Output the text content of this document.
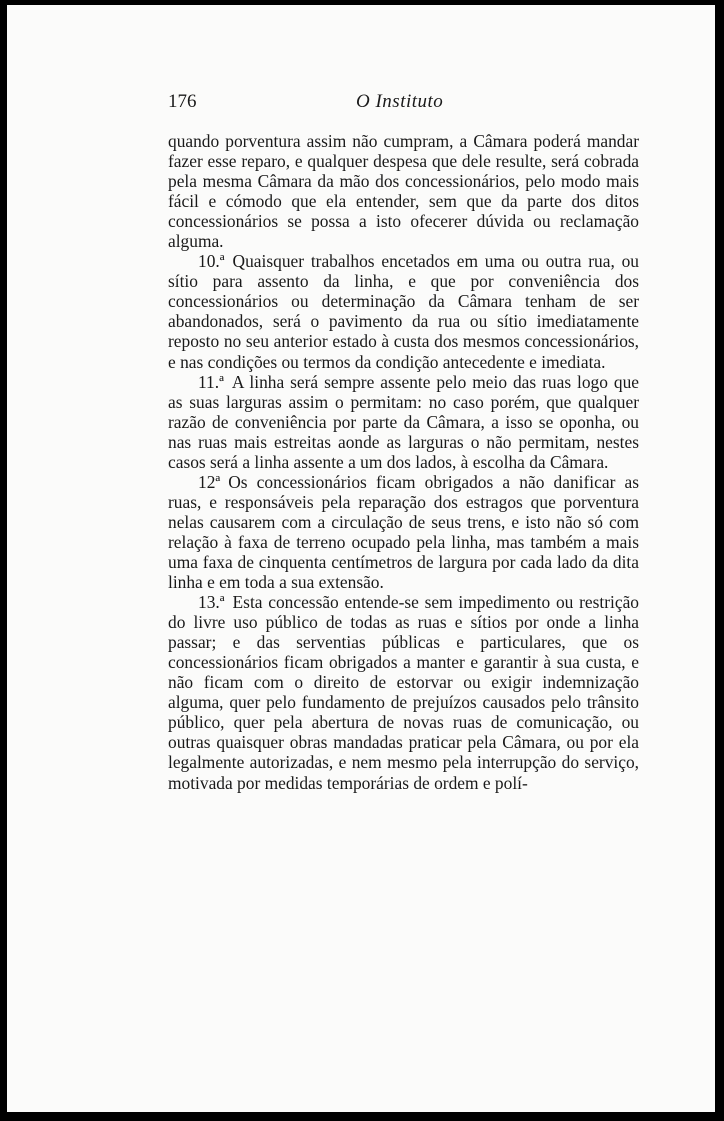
176	O Instituto

quando porventura assim não cumpram, a Câmara poderá mandar fazer esse reparo, e qualquer despesa que dele resulte, será cobrada pela mesma Câmara da mão dos concessionários, pelo modo mais fácil e cómodo que ela entender, sem que da parte dos ditos concessionários se possa a isto ofecerer dúvida ou reclamação alguma.

10.ª Quaisquer trabalhos encetados em uma ou outra rua, ou sítio para assento da linha, e que por conveniência dos concessionários ou determinação da Câmara tenham de ser abandonados, será o pavimento da rua ou sítio imediatamente reposto no seu anterior estado à custa dos mesmos concessionários, e nas condições ou termos da condição antecedente e imediata.

11.ª A linha será sempre assente pelo meio das ruas logo que as suas larguras assim o permitam: no caso porém, que qualquer razão de conveniência por parte da Câmara, a isso se oponha, ou nas ruas mais estreitas aonde as larguras o não permitam, nestes casos será a linha assente a um dos lados, à escolha da Câmara.

12ª Os concessionários ficam obrigados a não danificar as ruas, e responsáveis pela reparação dos estragos que porventura nelas causarem com a circulação de seus trens, e isto não só com relação à faxa de terreno ocupado pela linha, mas também a mais uma faxa de cinquenta centímetros de largura por cada lado da dita linha e em toda a sua extensão.

13.ª Esta concessão entende-se sem impedimento ou restrição do livre uso público de todas as ruas e sítios por onde a linha passar; e das serventias públicas e particulares, que os concessionários ficam obrigados a manter e garantir à sua custa, e não ficam com o direito de estorvar ou exigir indemnização alguma, quer pelo fundamento de prejuízos causados pelo trânsito público, quer pela abertura de novas ruas de comunicação, ou outras quaisquer obras mandadas praticar pela Câmara, ou por ela legalmente autorizadas, e nem mesmo pela interrupção do serviço, motivada por medidas temporárias de ordem e polí-
